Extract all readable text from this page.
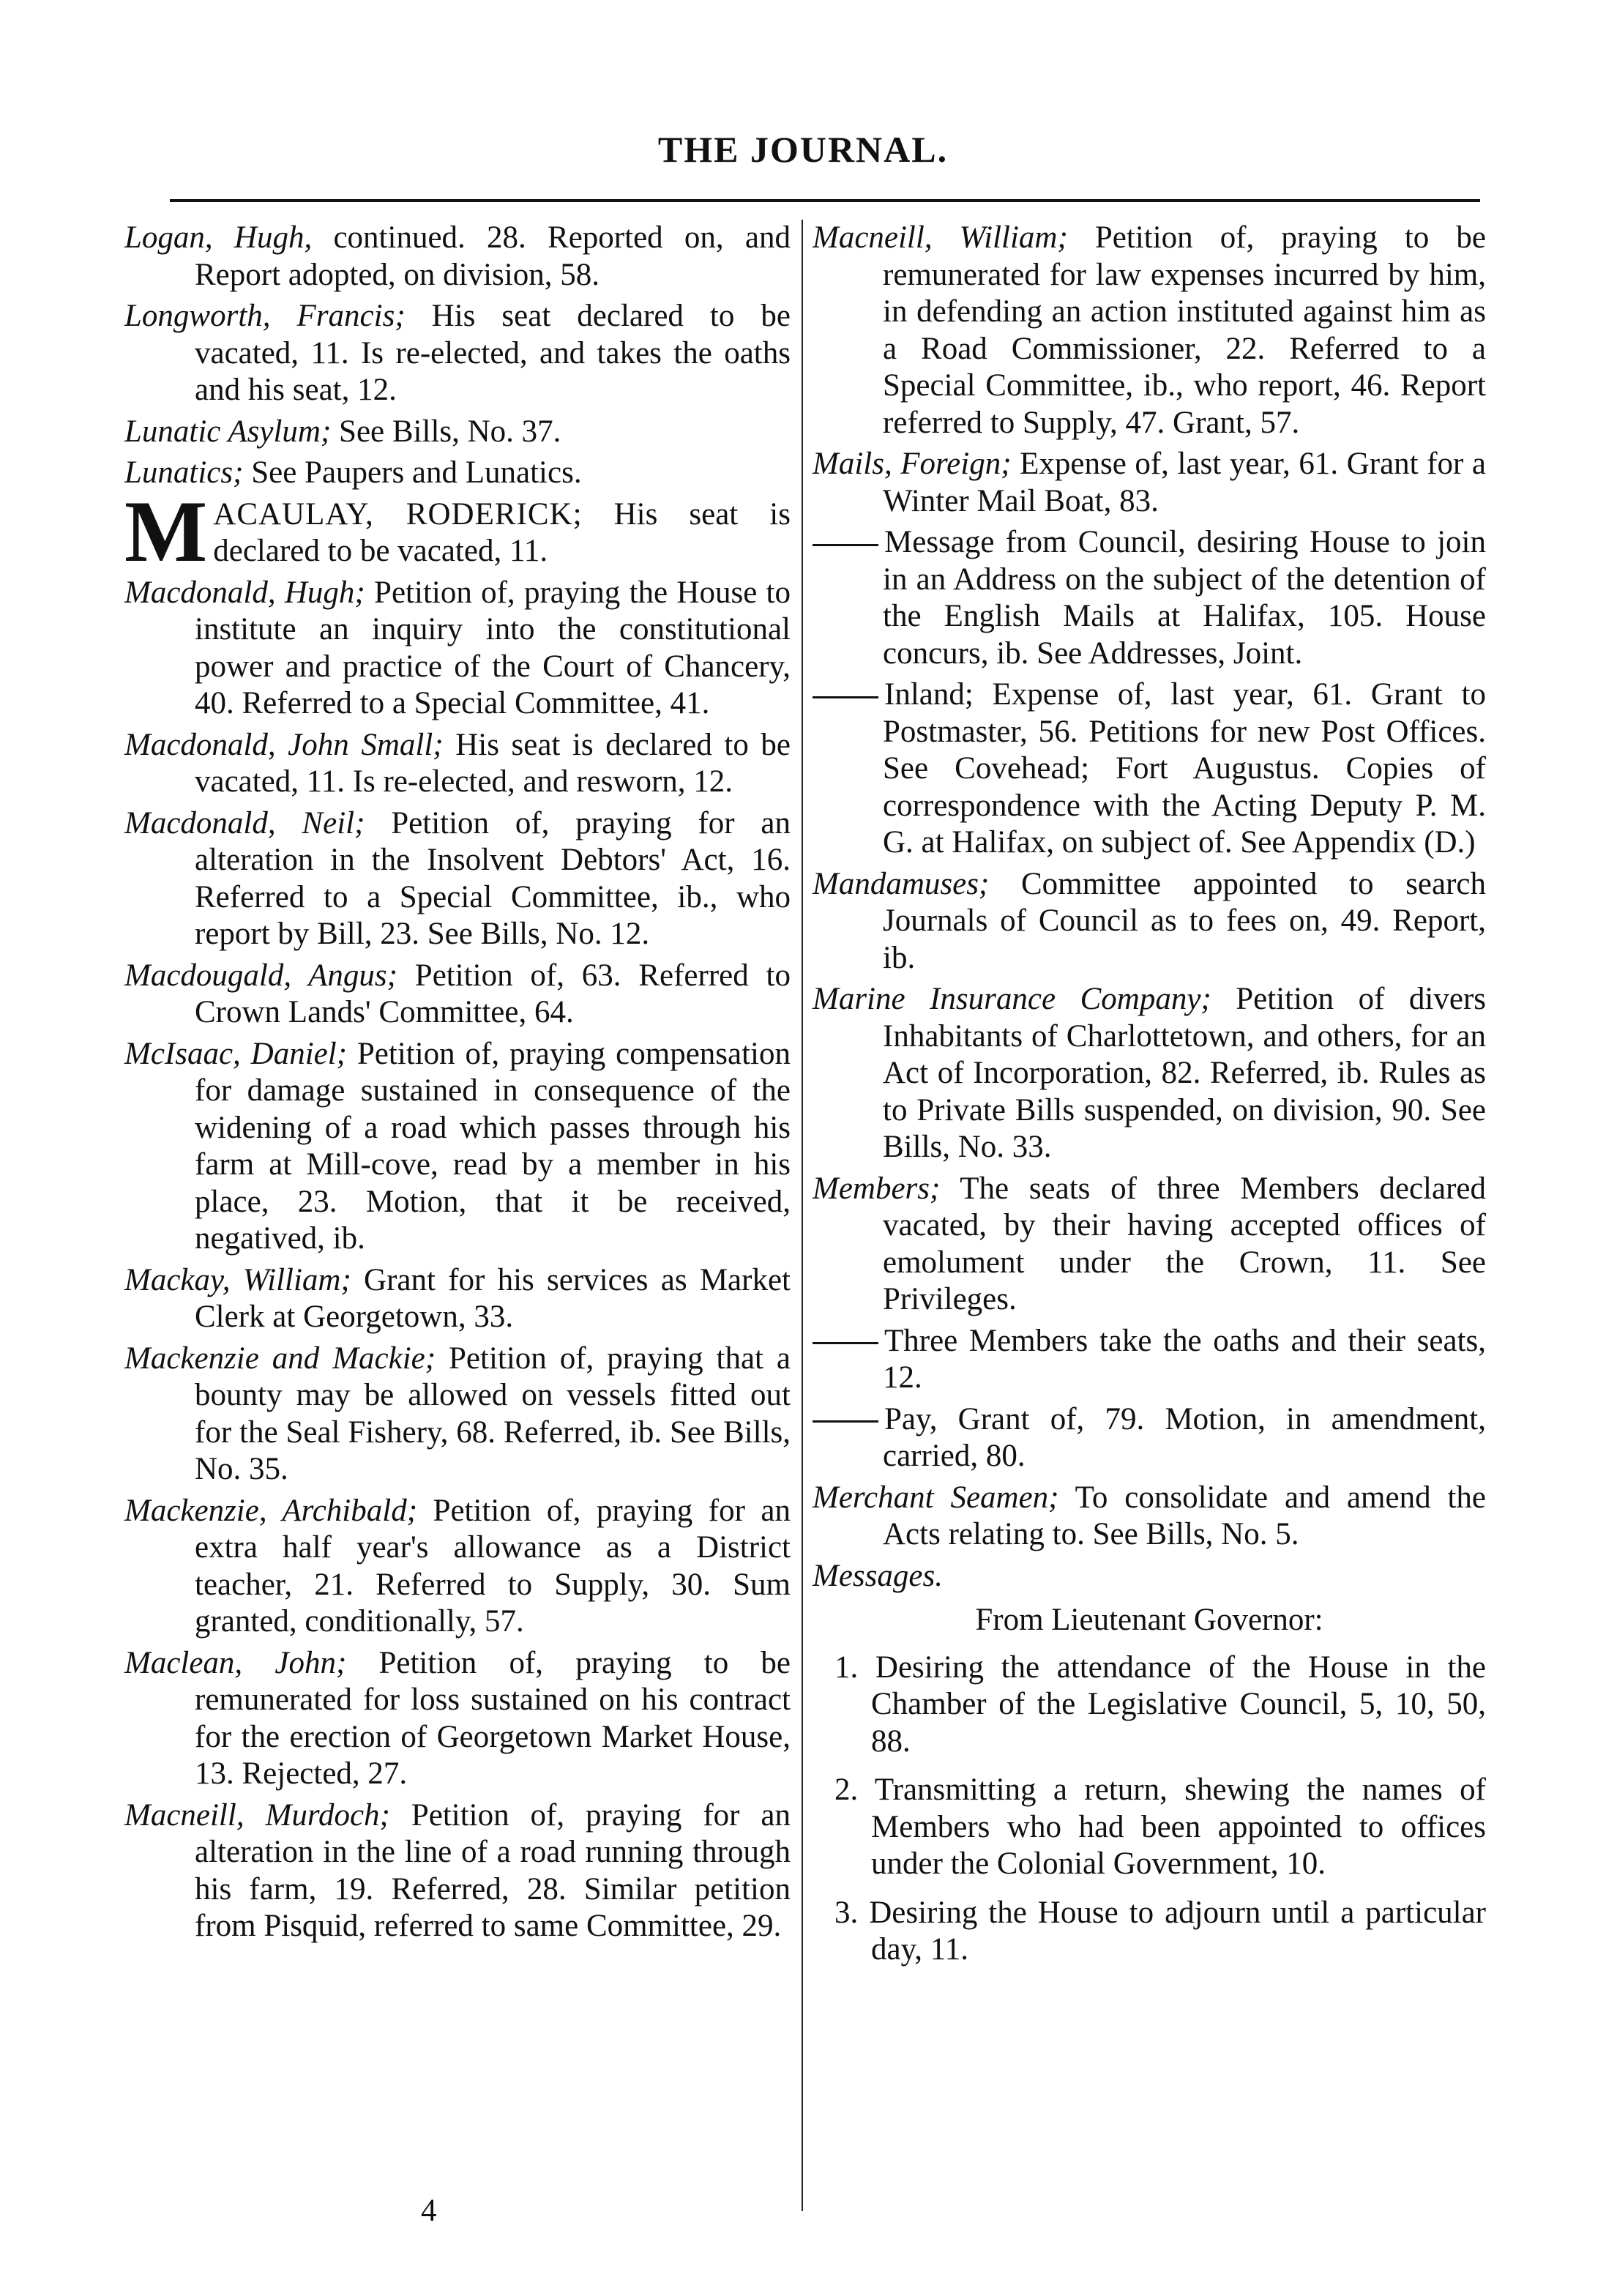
THE JOURNAL.

Logan, Hugh, continued. 28. Reported on, and Report adopted, on division, 58.

Longworth, Francis; His seat declared to be vacated, 11. Is re-elected, and takes the oaths and his seat, 12.

Lunatic Asylum; See Bills, No. 37.

Lunatics; See Paupers and Lunatics.

MACAULAY, RODERICK; His seat is declared to be vacated, 11.

Macdonald, Hugh; Petition of, praying the House to institute an inquiry into the constitutional power and practice of the Court of Chancery, 40. Referred to a Special Committee, 41.

Macdonald, John Small; His seat is declared to be vacated, 11. Is re-elected, and resworn, 12.

Macdonald, Neil; Petition of, praying for an alteration in the Insolvent Debtors' Act, 16. Referred to a Special Committee, ib., who report by Bill, 23. See Bills, No. 12.

Macdougald, Angus; Petition of, 63. Referred to Crown Lands' Committee, 64.

McIsaac, Daniel; Petition of, praying compensation for damage sustained in consequence of the widening of a road which passes through his farm at Mill-cove, read by a member in his place, 23. Motion, that it be received, negatived, ib.

Mackay, William; Grant for his services as Market Clerk at Georgetown, 33.

Mackenzie and Mackie; Petition of, praying that a bounty may be allowed on vessels fitted out for the Seal Fishery, 68. Referred, ib. See Bills, No. 35.

Mackenzie, Archibald; Petition of, praying for an extra half year's allowance as a District teacher, 21. Referred to Supply, 30. Sum granted, conditionally, 57.

Maclean, John; Petition of, praying to be remunerated for loss sustained on his contract for the erection of Georgetown Market House, 13. Rejected, 27.

Macneill, Murdoch; Petition of, praying for an alteration in the line of a road running through his farm, 19. Referred, 28. Similar petition from Pisquid, referred to same Committee, 29.

Macneill, William; Petition of, praying to be remunerated for law expenses incurred by him, in defending an action instituted against him as a Road Commissioner, 22. Referred to a Special Committee, ib., who report, 46. Report referred to Supply, 47. Grant, 57.

Mails, Foreign; Expense of, last year, 61. Grant for a Winter Mail Boat, 83.

Message from Council, desiring House to join in an Address on the subject of the detention of the English Mails at Halifax, 105. House concurs, ib. See Addresses, Joint.

Inland; Expense of, last year, 61. Grant to Postmaster, 56. Petitions for new Post Offices. See Covehead; Fort Augustus. Copies of correspondence with the Acting Deputy P. M. G. at Halifax, on subject of. See Appendix (D.)

Mandamuses; Committee appointed to search Journals of Council as to fees on, 49. Report, ib.

Marine Insurance Company; Petition of divers Inhabitants of Charlottetown, and others, for an Act of Incorporation, 82. Referred, ib. Rules as to Private Bills suspended, on division, 90. See Bills, No. 33.

Members; The seats of three Members declared vacated, by their having accepted offices of emolument under the Crown, 11. See Privileges.

Three Members take the oaths and their seats, 12.

Pay, Grant of, 79. Motion, in amendment, carried, 80.

Merchant Seamen; To consolidate and amend the Acts relating to. See Bills, No. 5.

Messages.

From Lieutenant Governor:

1. Desiring the attendance of the House in the Chamber of the Legislative Council, 5, 10, 50, 88.

2. Transmitting a return, shewing the names of Members who had been appointed to offices under the Colonial Government, 10.

3. Desiring the House to adjourn until a particular day, 11.

4
